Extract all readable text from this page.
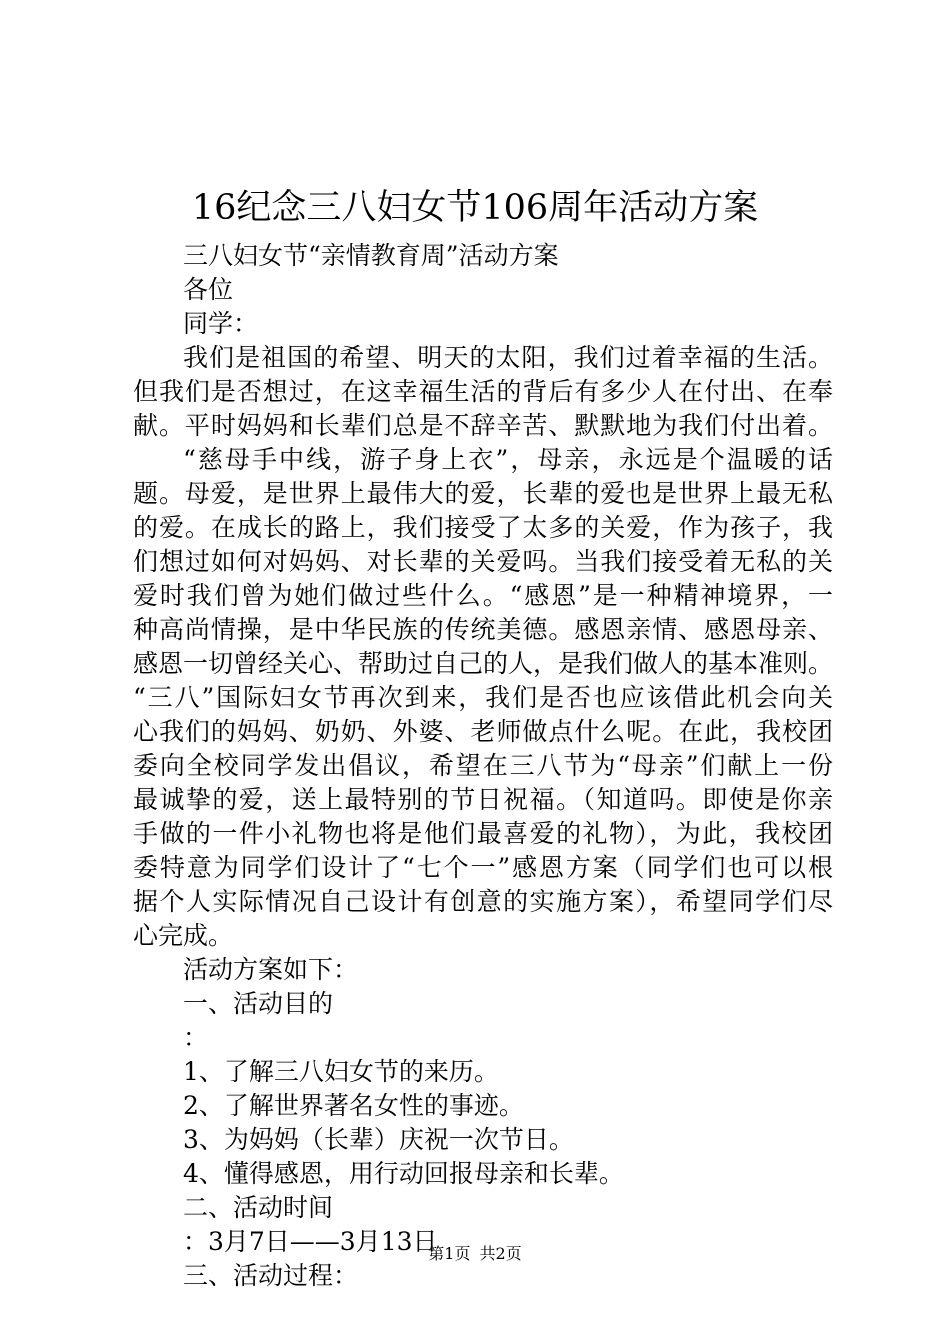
16纪念三八妇女节106周年活动方案
三八妇女节“亲情教育周”活动方案
各位
同学：
我们是祖国的希望、明天的太阳，我们过着幸福的生活。
但我们是否想过，在这幸福生活的背后有多少人在付出、在奉
献。平时妈妈和长辈们总是不辞辛苦、默默地为我们付出着。
“慈母手中线，游子身上衣”，母亲，永远是个温暖的话
题。母爱，是世界上最伟大的爱，长辈的爱也是世界上最无私
的爱。在成长的路上，我们接受了太多的关爱，作为孩子，我
们想过如何对妈妈、对长辈的关爱吗。当我们接受着无私的关
爱时我们曾为她们做过些什么。“感恩”是一种精神境界，一
种高尚情操，是中华民族的传统美德。感恩亲情、感恩母亲、
感恩一切曾经关心、帮助过自己的人，是我们做人的基本准则。
“三八”国际妇女节再次到来，我们是否也应该借此机会向关
心我们的妈妈、奶奶、外婆、老师做点什么呢。在此，我校团
委向全校同学发出倡议，希望在三八节为“母亲”们献上一份
最诚挚的爱，送上最特别的节日祝福。（知道吗。即使是你亲
手做的一件小礼物也将是他们最喜爱的礼物），为此，我校团
委特意为同学们设计了“七个一”感恩方案（同学们也可以根
据个人实际情况自己设计有创意的实施方案），希望同学们尽
心完成。
活动方案如下：
一、活动目的
：
1、了解三八妇女节的来历。
2、了解世界著名女性的事迹。
3、为妈妈（长辈）庆祝一次节日。
4、懂得感恩，用行动回报母亲和长辈。
二、活动时间
：3月7日——3月13日
三、活动过程：
第1页 共2页
